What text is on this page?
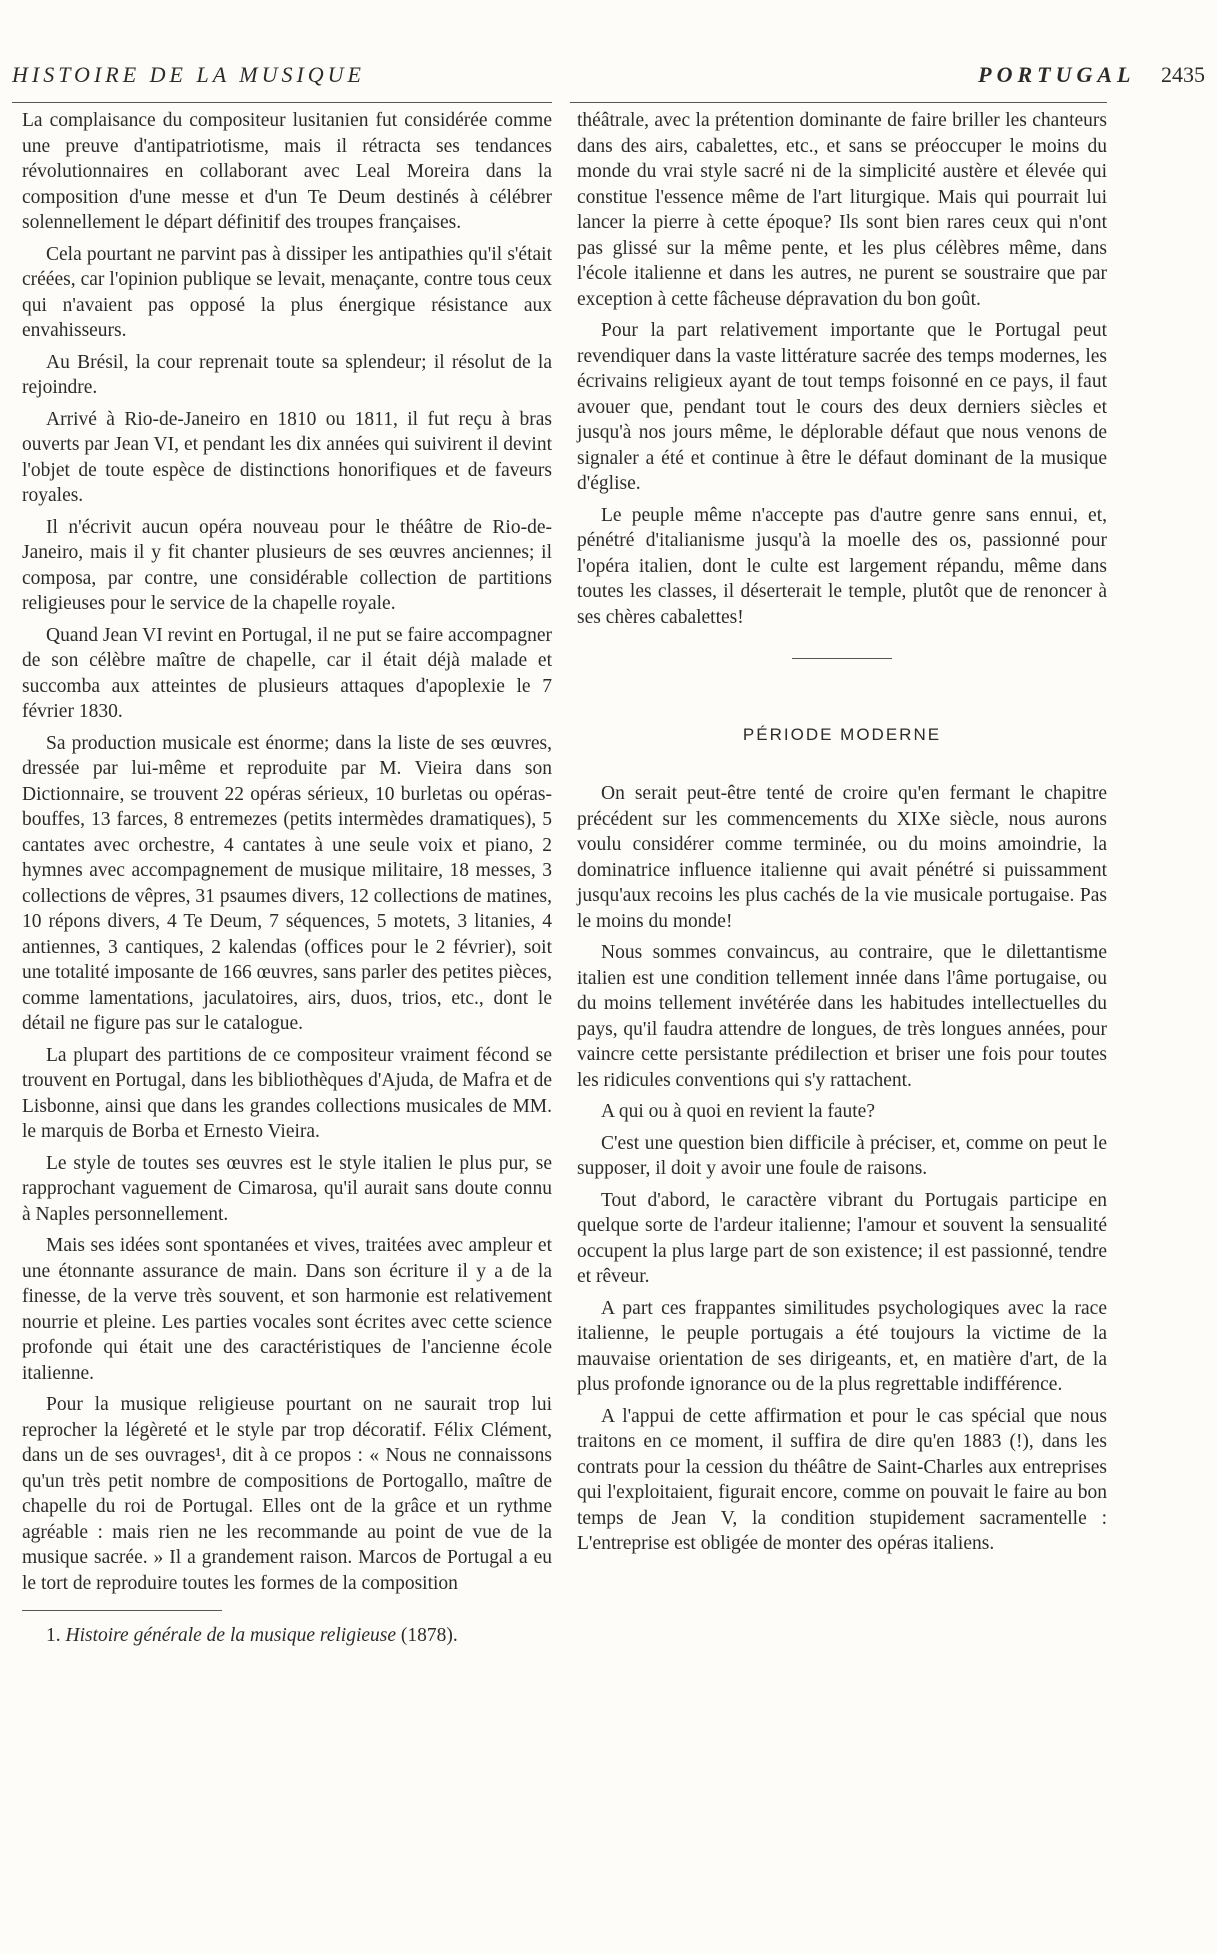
HISTOIRE DE LA MUSIQUE	PORTUGAL 2435

La complaisance du compositeur lusitanien fut considérée comme une preuve d'antipatriotisme, mais il rétracta ses tendances révolutionnaires en collaborant avec Leal Moreira dans la composition d'une messe et d'un Te Deum destinés à célébrer solennellement le départ définitif des troupes françaises.

Cela pourtant ne parvint pas à dissiper les antipathies qu'il s'était créées, car l'opinion publique se levait, menaçante, contre tous ceux qui n'avaient pas opposé la plus énergique résistance aux envahisseurs.

Au Brésil, la cour reprenait toute sa splendeur; il résolut de la rejoindre.

Arrivé à Rio-de-Janeiro en 1810 ou 1811, il fut reçu à bras ouverts par Jean VI, et pendant les dix années qui suivirent il devint l'objet de toute espèce de distinctions honorifiques et de faveurs royales.

Il n'écrivit aucun opéra nouveau pour le théâtre de Rio-de-Janeiro, mais il y fit chanter plusieurs de ses œuvres anciennes; il composa, par contre, une considérable collection de partitions religieuses pour le service de la chapelle royale.

Quand Jean VI revint en Portugal, il ne put se faire accompagner de son célèbre maître de chapelle, car il était déjà malade et succomba aux atteintes de plusieurs attaques d'apoplexie le 7 février 1830.

Sa production musicale est énorme; dans la liste de ses œuvres, dressée par lui-même et reproduite par M. Vieira dans son Dictionnaire, se trouvent 22 opéras sérieux, 10 burletas ou opéras-bouffes, 13 farces, 8 entremezes (petits intermèdes dramatiques), 5 cantates avec orchestre, 4 cantates à une seule voix et piano, 2 hymnes avec accompagnement de musique militaire, 18 messes, 3 collections de vêpres, 31 psaumes divers, 12 collections de matines, 10 répons divers, 4 Te Deum, 7 séquences, 5 motets, 3 litanies, 4 antiennes, 3 cantiques, 2 kalendas (offices pour le 2 février), soit une totalité imposante de 166 œuvres, sans parler des petites pièces, comme lamentations, jaculatoires, airs, duos, trios, etc., dont le détail ne figure pas sur le catalogue.

La plupart des partitions de ce compositeur vraiment fécond se trouvent en Portugal, dans les bibliothèques d'Ajuda, de Mafra et de Lisbonne, ainsi que dans les grandes collections musicales de MM. le marquis de Borba et Ernesto Vieira.

Le style de toutes ses œuvres est le style italien le plus pur, se rapprochant vaguement de Cimarosa, qu'il aurait sans doute connu à Naples personnellement.

Mais ses idées sont spontanées et vives, traitées avec ampleur et une étonnante assurance de main. Dans son écriture il y a de la finesse, de la verve très souvent, et son harmonie est relativement nourrie et pleine. Les parties vocales sont écrites avec cette science profonde qui était une des caractéristiques de l'ancienne école italienne.

Pour la musique religieuse pourtant on ne saurait trop lui reprocher la légèreté et le style par trop décoratif. Félix Clément, dans un de ses ouvrages¹, dit à ce propos : « Nous ne connaissons qu'un très petit nombre de compositions de Portogallo, maître de chapelle du roi de Portugal. Elles ont de la grâce et un rythme agréable : mais rien ne les recommande au point de vue de la musique sacrée. » Il a grandement raison. Marcos de Portugal a eu le tort de reproduire toutes les formes de la composition

1. Histoire générale de la musique religieuse (1878).

théâtrale, avec la prétention dominante de faire briller les chanteurs dans des airs, cabalettes, etc., et sans se préoccuper le moins du monde du vrai style sacré ni de la simplicité austère et élevée qui constitue l'essence même de l'art liturgique. Mais qui pourrait lui lancer la pierre à cette époque? Ils sont bien rares ceux qui n'ont pas glissé sur la même pente, et les plus célèbres même, dans l'école italienne et dans les autres, ne purent se soustraire que par exception à cette fâcheuse dépravation du bon goût.

Pour la part relativement importante que le Portugal peut revendiquer dans la vaste littérature sacrée des temps modernes, les écrivains religieux ayant de tout temps foisonné en ce pays, il faut avouer que, pendant tout le cours des deux derniers siècles et jusqu'à nos jours même, le déplorable défaut que nous venons de signaler a été et continue à être le défaut dominant de la musique d'église.

Le peuple même n'accepte pas d'autre genre sans ennui, et, pénétré d'italianisme jusqu'à la moelle des os, passionné pour l'opéra italien, dont le culte est largement répandu, même dans toutes les classes, il déserterait le temple, plutôt que de renoncer à ses chères cabalettes!

PÉRIODE MODERNE

On serait peut-être tenté de croire qu'en fermant le chapitre précédent sur les commencements du XIXe siècle, nous aurons voulu considérer comme terminée, ou du moins amoindrie, la dominatrice influence italienne qui avait pénétré si puissamment jusqu'aux recoins les plus cachés de la vie musicale portugaise. Pas le moins du monde!

Nous sommes convaincus, au contraire, que le dilettantisme italien est une condition tellement innée dans l'âme portugaise, ou du moins tellement invétérée dans les habitudes intellectuelles du pays, qu'il faudra attendre de longues, de très longues années, pour vaincre cette persistante prédilection et briser une fois pour toutes les ridicules conventions qui s'y rattachent.

A qui ou à quoi en revient la faute?

C'est une question bien difficile à préciser, et, comme on peut le supposer, il doit y avoir une foule de raisons.

Tout d'abord, le caractère vibrant du Portugais participe en quelque sorte de l'ardeur italienne; l'amour et souvent la sensualité occupent la plus large part de son existence; il est passionné, tendre et rêveur.

A part ces frappantes similitudes psychologiques avec la race italienne, le peuple portugais a été toujours la victime de la mauvaise orientation de ses dirigeants, et, en matière d'art, de la plus profonde ignorance ou de la plus regrettable indifférence.

A l'appui de cette affirmation et pour le cas spécial que nous traitons en ce moment, il suffira de dire qu'en 1883 (!), dans les contrats pour la cession du théâtre de Saint-Charles aux entreprises qui l'exploitaient, figurait encore, comme on pouvait le faire au bon temps de Jean V, la condition stupidement sacramentelle : L'entreprise est obligée de monter des opéras italiens.
